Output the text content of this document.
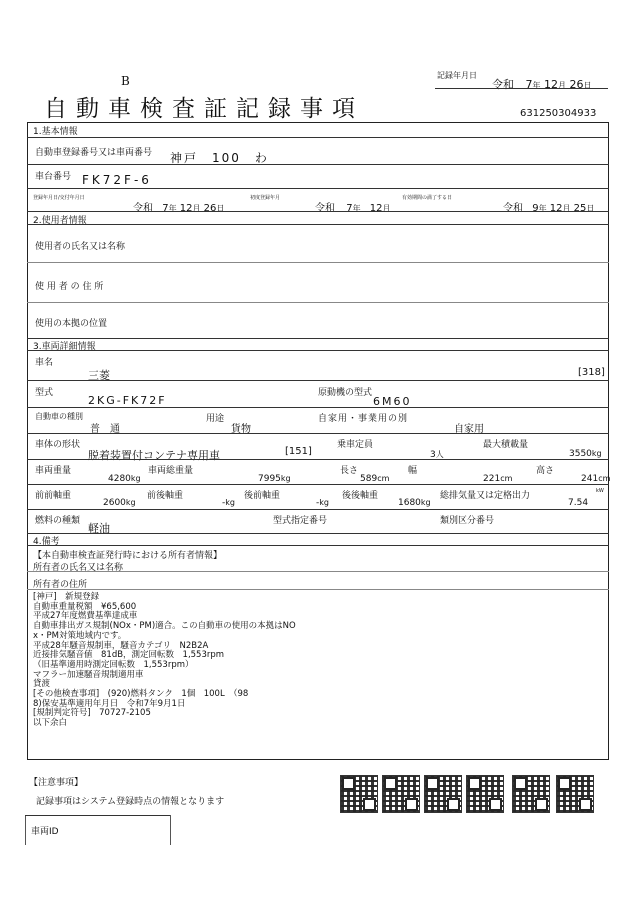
B
自動車検査証記録事項
記録年月日
令和 7年 12月 26日
631250304933
1.基本情報
自動車登録番号又は車両番号 神戸　100　わ
車台番号 FK72F-6
登録年月日/交付年月日
令和 7年 12月 26日
初度登録年月
令和 7年 12月
有効期間の満了する日
令和 9年 12月 25日
2.使用者情報
使用者の氏名又は名称
使 用 者 の 住 所
使用の本拠の位置
3.車両詳細情報
車名
三菱	[318]
型式
2KG-FK72F
原動機の型式
6M60
自動車の種別
普　通
用途
貨物
自家用・事業用の別
自家用
車体の形状
脱着装置付コンテナ専用車	[151]
乗車定員
3人
最大積載量
3550kg
車両重量
4280kg
車両総重量
7995kg
長さ
589cm
幅
221cm
高さ
241cm
前前軸重
2600kg
前後軸重
-kg
後前軸重
-kg
後後軸重
1680kg
総排気量又は定格出力
7.54
kW
燃料の種類
軽油
型式指定番号	類別区分番号
4.備考
【本自動車検査証発行時における所有者情報】
所有者の氏名又は名称
所有者の住所
[神戸]　新規登録
自動車重量税額　¥65,600
平成27年度燃費基準達成車
自動車排出ガス規制(NOx・PM)適合。この自動車の使用の本拠はNO
x・PM対策地域内です。
平成28年騒音規制車，騒音カテゴリ　N2B2A
近接排気騒音値　81dB，測定回転数　1,553rpm
（旧基準適用時測定回転数　1,553rpm）
マフラー加速騒音規制適用車
貸渡
[その他検査事項]　(920)燃料タンク　1個　100L　（98
8)保安基準適用年月日　令和7年9月1日
[規制判定符号]　70727-2105
以下余白
【注意事項】
記録事項はシステム登録時点の情報となります
車両ID
